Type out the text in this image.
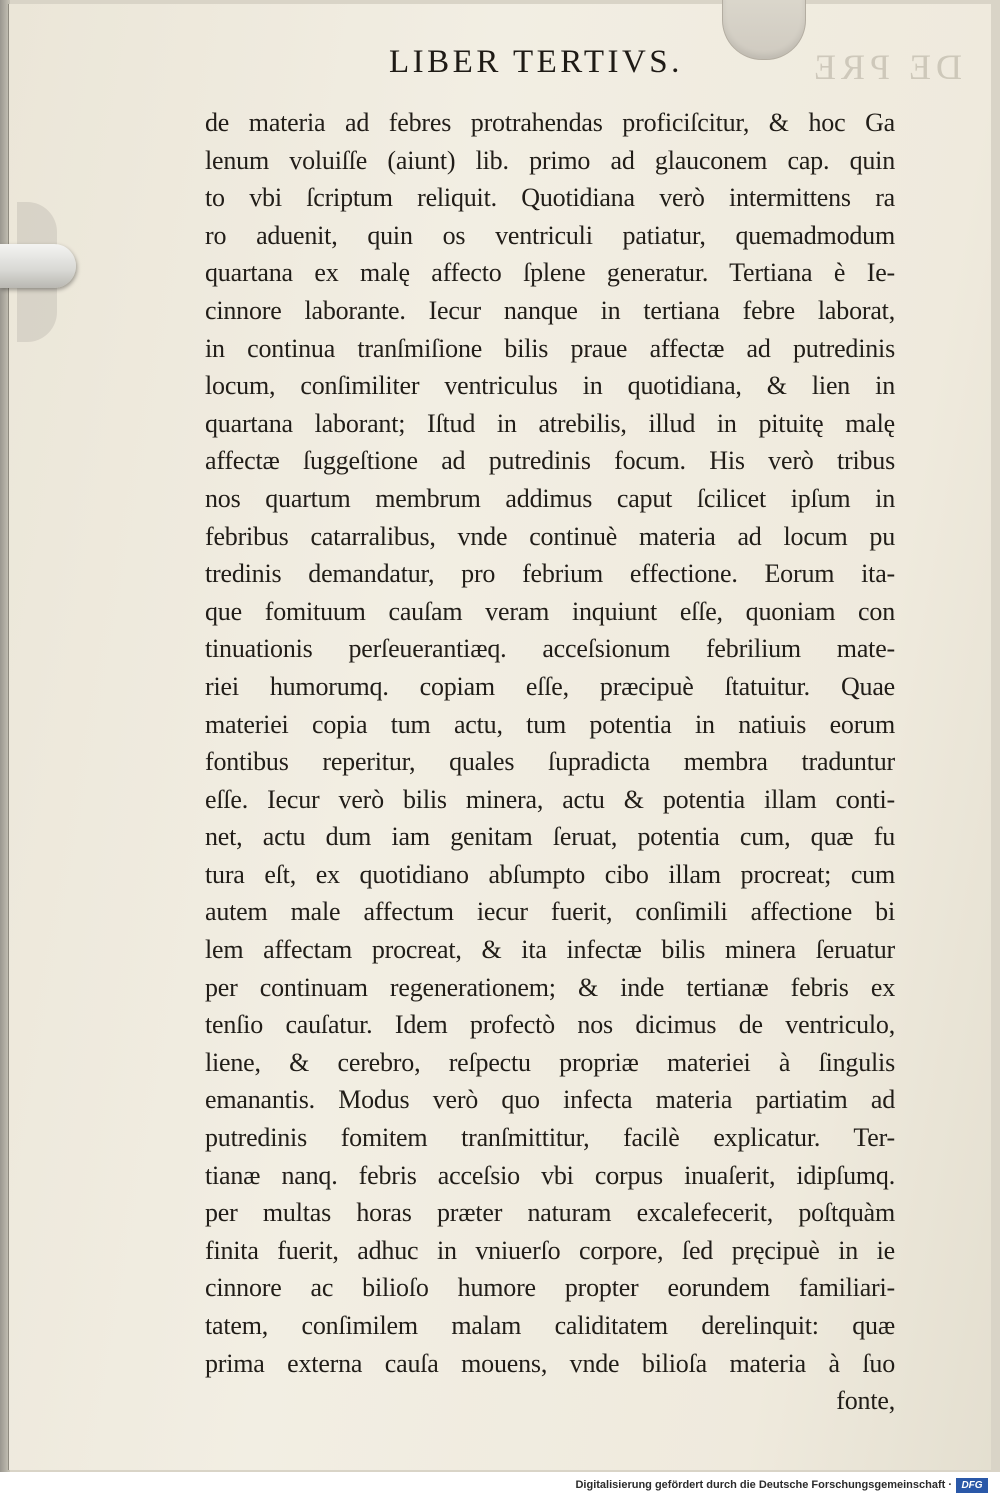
DE PRE
LIBER TERTIVS.
de materia ad febres protrahendas proficiſcitur, & hoc Ga
lenum voluiſſe (aiunt) lib. primo ad glauconem cap. quin
to vbi ſcriptum reliquit. Quotidiana verò intermittens ra
ro aduenit, quin os ventriculi patiatur, quemadmodum
quartana ex malę affecto ſplene generatur. Tertiana è Ie-
cinnore laborante. Iecur nanque in tertiana febre laborat,
in continua tranſmiſione bilis praue affectæ ad putredinis
locum, conſimiliter ventriculus in quotidiana, & lien in
quartana laborant; Iſtud in atrebilis, illud in pituitę malę
affectæ ſuggeſtione ad putredinis focum. His verò tribus
nos quartum membrum addimus caput ſcilicet ipſum in
febribus catarralibus, vnde continuè materia ad locum pu
tredinis demandatur, pro febrium effectione. Eorum ita-
que fomituum cauſam veram inquiunt eſſe, quoniam con
tinuationis perſeuerantiæq. acceſsionum febrilium mate-
riei humorumq. copiam eſſe, præcipuè ſtatuitur. Quae
materiei copia tum actu, tum potentia in natiuis eorum
fontibus reperitur, quales ſupradicta membra traduntur
eſſe. Iecur verò bilis minera, actu & potentia illam conti-
net, actu dum iam genitam ſeruat, potentia cum, quæ fu
tura eſt, ex quotidiano abſumpto cibo illam procreat; cum
autem male affectum iecur fuerit, conſimili affectione bi
lem affectam procreat, & ita infectæ bilis minera ſeruatur
per continuam regenerationem; & inde tertianæ febris ex
tenſio cauſatur. Idem profectò nos dicimus de ventriculo,
liene, & cerebro, reſpectu propriæ materiei à ſingulis
emanantis. Modus verò quo infecta materia partiatim ad
putredinis fomitem tranſmittitur, facilè explicatur. Ter-
tianæ nanq. febris acceſsio vbi corpus inuaſerit, idipſumq.
per multas horas præter naturam excalefecerit, poſtquàm
finita fuerit, adhuc in vniuerſo corpore, ſed pręcipuè in ie
cinnore ac bilioſo humore propter eorundem familiari-
tatem, conſimilem malam caliditatem derelinquit: quæ
prima externa cauſa mouens, vnde bilioſa materia à ſuo
fonte,
Digitalisierung gefördert durch die Deutsche Forschungsgemeinschaft · DFG
